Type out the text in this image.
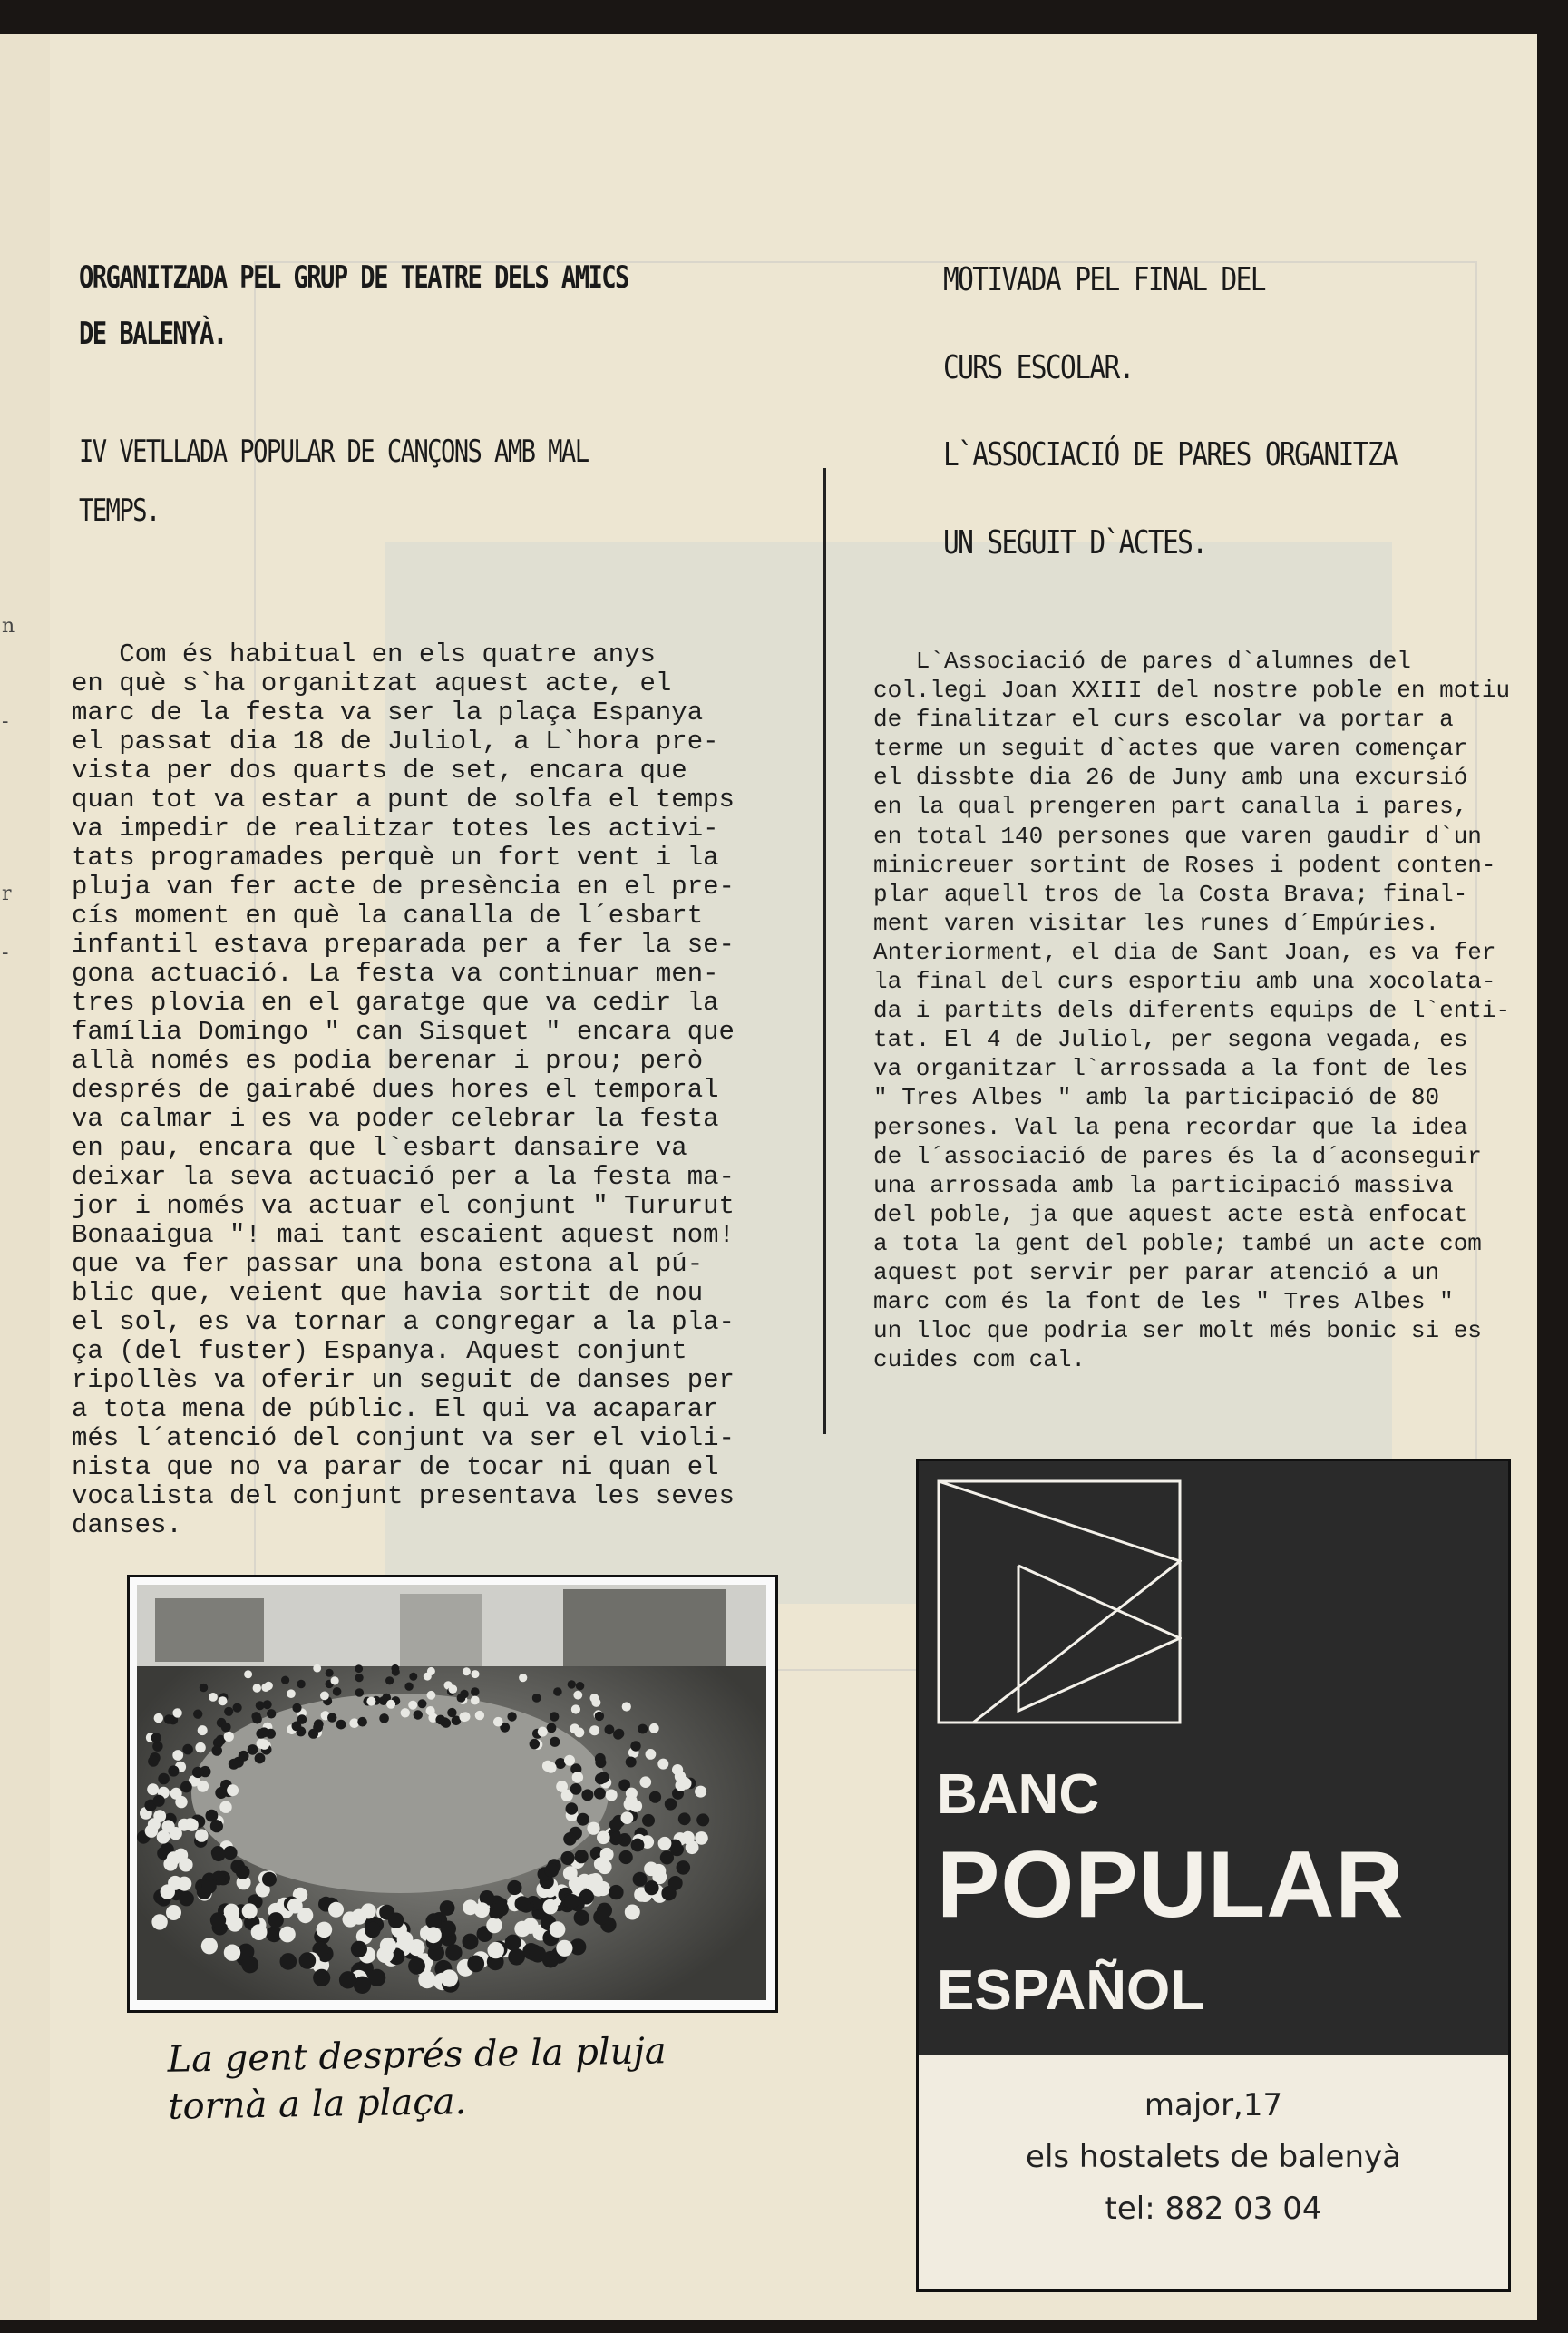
n
-
r
-

ORGANITZADA PEL GRUP DE TEATRE DELS AMICS

DE BALENYÀ.

IV VETLLADA POPULAR DE CANÇONS AMB MAL

TEMPS.

MOTIVADA PEL FINAL DEL

CURS ESCOLAR.

L`ASSOCIACIÓ DE PARES ORGANITZA

UN SEGUIT D`ACTES.

Com és habitual en els quatre anys
en què s`ha organitzat aquest acte, el
marc de la festa va ser la plaça Espanya
el passat dia 18 de Juliol, a L`hora pre-
vista per dos quarts de set, encara que
quan tot va estar a punt de solfa el temps
va impedir de realitzar totes les activi-
tats programades perquè un fort vent i la
pluja van fer acte de presència en el pre-
cís moment en què la canalla de l´esbart
infantil estava preparada per a fer la se-
gona actuació. La festa va continuar men-
tres plovia en el garatge que va cedir la
família Domingo " can Sisquet " encara que
allà només es podia berenar i prou; però
després de gairabé dues hores el temporal
va calmar i es va poder celebrar la festa
en pau, encara que l`esbart dansaire va
deixar la seva actuació per a la festa ma-
jor i només va actuar el conjunt " Tururut
Bonaaigua "! mai tant escaient aquest nom!
que va fer passar una bona estona al pú-
blic que, veient que havia sortit de nou
el sol, es va tornar a congregar a la pla-
ça (del fuster) Espanya. Aquest conjunt
ripollès va oferir un seguit de danses per
a tota mena de públic. El qui va acaparar
més l´atenció del conjunt va ser el violi-
nista que no va parar de tocar ni quan el
vocalista del conjunt presentava les seves
danses.
L`Associació de pares d`alumnes del
col.legi Joan XXIII del nostre poble en motiu
de finalitzar el curs escolar va portar a
terme un seguit d`actes que varen començar
el dissbte dia 26 de Juny amb una excursió
en la qual prengeren part canalla i pares,
en total 140 persones que varen gaudir d`un
minicreuer sortint de Roses i podent conten-
plar aquell tros de la Costa Brava; final-
ment varen visitar les runes d´Empúries.
Anteriorment, el dia de Sant Joan, es va fer
la final del curs esportiu amb una xocolata-
da i partits dels diferents equips de l`enti-
tat. El 4 de Juliol, per segona vegada, es
va organitzar l`arrossada a la font de les
" Tres Albes " amb la participació de 80
persones. Val la pena recordar que la idea
de l´associació de pares és la d´aconseguir
una arrossada amb la participació massiva
del poble, ja que aquest acte està enfocat
a tota la gent del poble; també un acte com
aquest pot servir per parar atenció a un
marc com és la font de les " Tres Albes "
un lloc que podria ser molt més bonic si es
cuides com cal.

La gent després de la pluja
tornà a la plaça.

BANC

POPULAR

ESPAÑOL

major,17
els hostalets de balenyà
tel: 882 03 04
